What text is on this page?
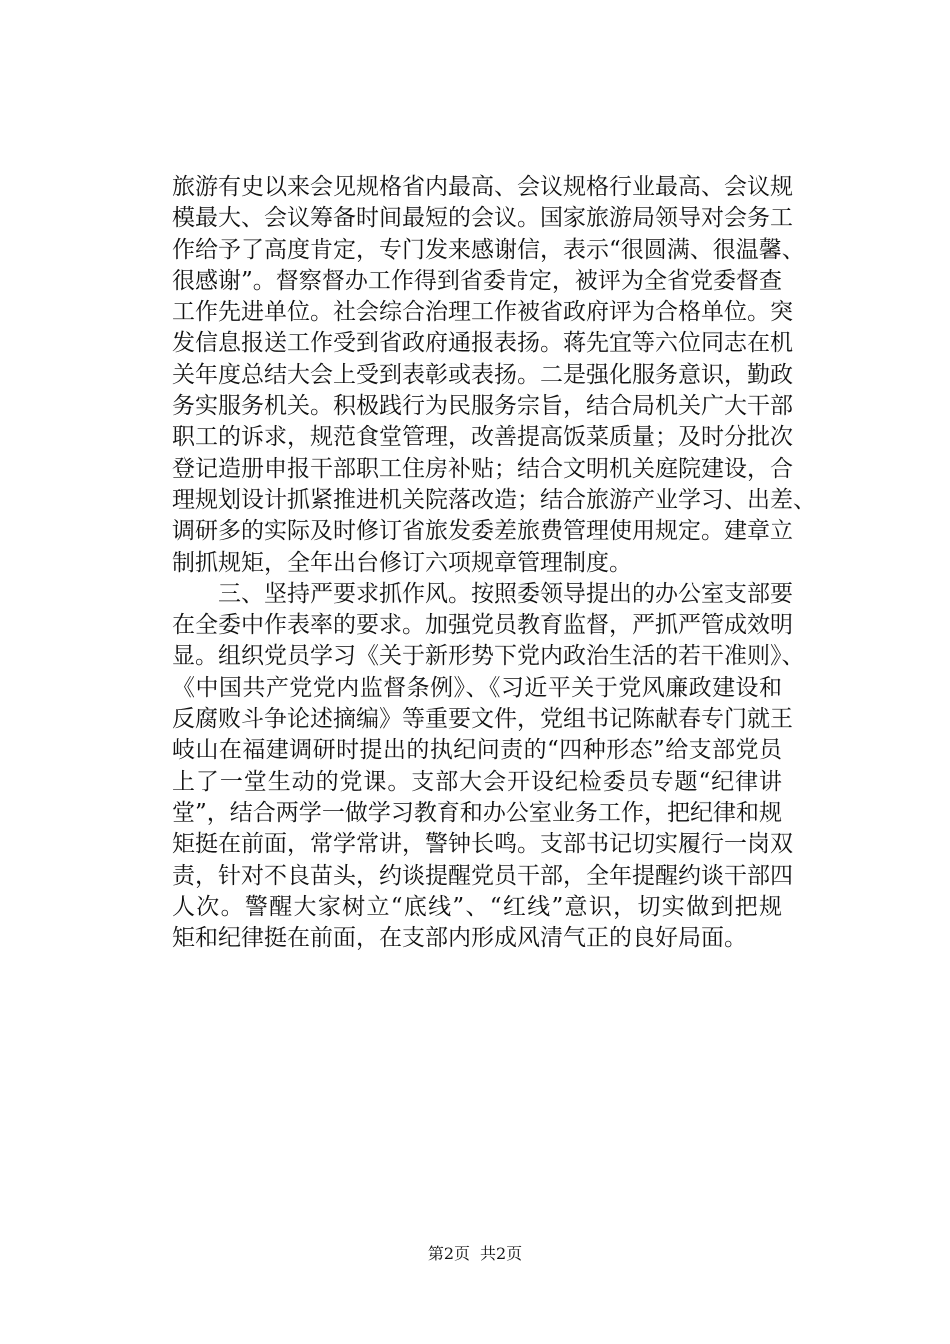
旅游有史以来会见规格省内最高、会议规格行业最高、会议规
模最大、会议筹备时间最短的会议。国家旅游局领导对会务工
作给予了高度肯定，专门发来感谢信，表示“很圆满、很温馨、
很感谢”。督察督办工作得到省委肯定，被评为全省党委督查
工作先进单位。社会综合治理工作被省政府评为合格单位。突
发信息报送工作受到省政府通报表扬。蒋先宜等六位同志在机
关年度总结大会上受到表彰或表扬。二是强化服务意识，勤政
务实服务机关。积极践行为民服务宗旨，结合局机关广大干部
职工的诉求，规范食堂管理，改善提高饭菜质量；及时分批次
登记造册申报干部职工住房补贴；结合文明机关庭院建设，合
理规划设计抓紧推进机关院落改造；结合旅游产业学习、出差、
调研多的实际及时修订省旅发委差旅费管理使用规定。建章立
制抓规矩，全年出台修订六项规章管理制度。
三、坚持严要求抓作风。按照委领导提出的办公室支部要
在全委中作表率的要求。加强党员教育监督，严抓严管成效明
显。组织党员学习《关于新形势下党内政治生活的若干准则》、
《中国共产党党内监督条例》、《习近平关于党风廉政建设和
反腐败斗争论述摘编》等重要文件，党组书记陈献春专门就王
岐山在福建调研时提出的执纪问责的“四种形态”给支部党员
上了一堂生动的党课。支部大会开设纪检委员专题“纪律讲
堂”，结合两学一做学习教育和办公室业务工作，把纪律和规
矩挺在前面，常学常讲，警钟长鸣。支部书记切实履行一岗双
责，针对不良苗头，约谈提醒党员干部，全年提醒约谈干部四
人次。警醒大家树立“底线”、“红线”意识，切实做到把规
矩和纪律挺在前面，在支部内形成风清气正的良好局面。
第2页 共2页
